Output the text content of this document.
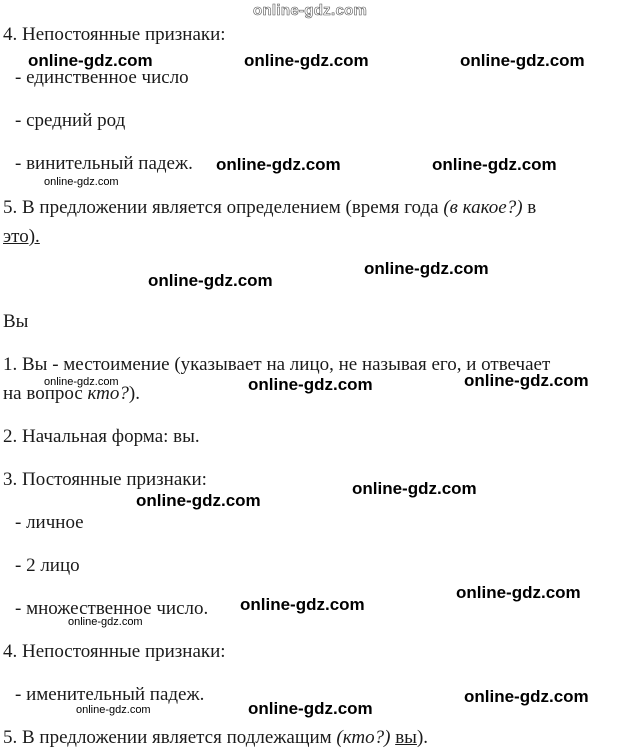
online-gdz.com

4. Непостоянные признаки:

- единственное число

- средний род

- винительный падеж.

5. В предложении является определением (время года (в какое?) в

это).

Вы

1. Вы - местоимение (указывает на лицо, не называя его, и отвечает

на вопрос кто?).

2. Начальная форма: вы.

3. Постоянные признаки:

- личное

- 2 лицо

- множественное число.

4. Непостоянные признаки:

- именительный падеж.

5. В предложении является подлежащим (кто?) вы).

online-gdz.com	online-gdz.com	online-gdz.com
online-gdz.com	online-gdz.com
online-gdz.com
online-gdz.com
online-gdz.com
online-gdz.com	online-gdz.com	online-gdz.com
online-gdz.com
online-gdz.com
online-gdz.com
online-gdz.com
online-gdz.com
online-gdz.com
online-gdz.com
online-gdz.com
